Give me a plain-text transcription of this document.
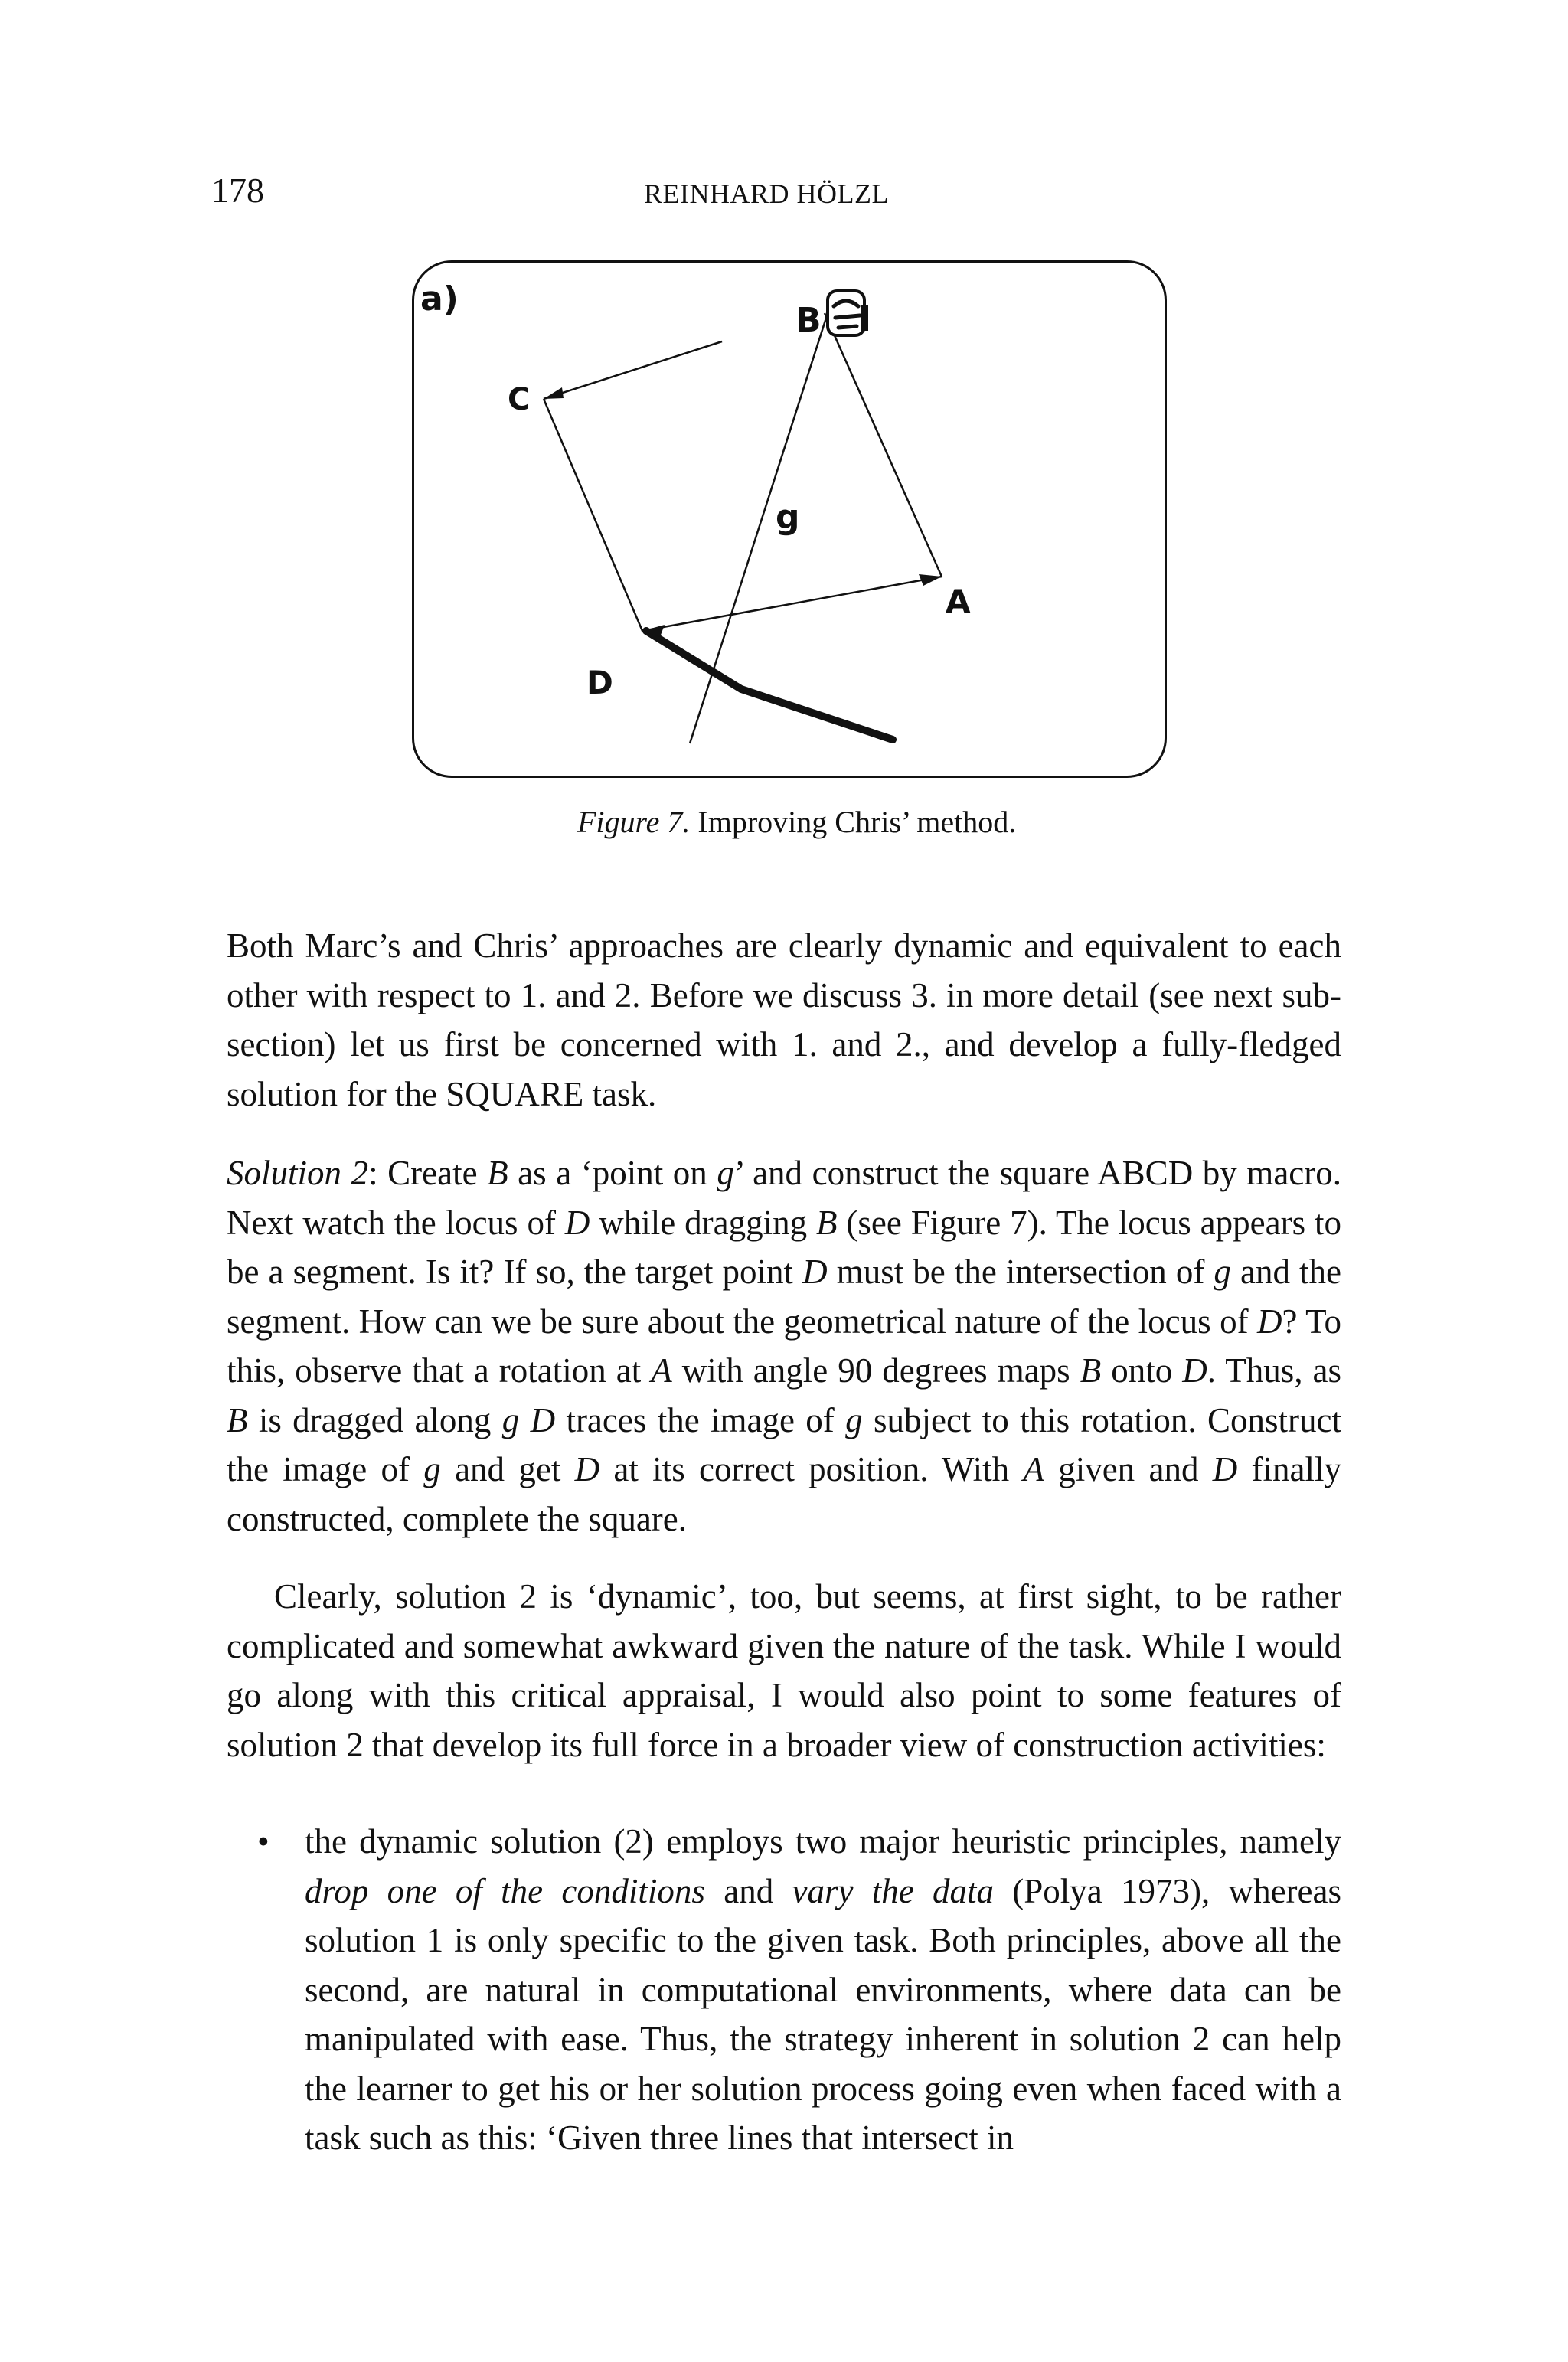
178	REINHARD HÖLZL
a)
B
C
g
A
D
Figure 7. Improving Chris’ method.

Both Marc’s and Chris’ approaches are clearly dynamic and equivalent to each other with respect to 1. and 2. Before we discuss 3. in more detail (see next sub-section) let us first be concerned with 1. and 2., and develop a fully-fledged solution for the SQUARE task.

Solution 2: Create B as a ‘point on g’ and construct the square ABCD by macro. Next watch the locus of D while dragging B (see Figure 7). The locus appears to be a segment. Is it? If so, the target point D must be the intersection of g and the segment. How can we be sure about the geometrical nature of the locus of D? To this, observe that a rotation at A with angle 90 degrees maps B onto D. Thus, as B is dragged along g D traces the image of g subject to this rotation. Construct the image of g and get D at its correct position. With A given and D finally constructed, complete the square.

Clearly, solution 2 is ‘dynamic’, too, but seems, at first sight, to be rather complicated and somewhat awkward given the nature of the task. While I would go along with this critical appraisal, I would also point to some features of solution 2 that develop its full force in a broader view of construction activities:

• the dynamic solution (2) employs two major heuristic principles, namely drop one of the conditions and vary the data (Polya 1973), whereas solution 1 is only specific to the given task. Both principles, above all the second, are natural in computational environments, where data can be manipulated with ease. Thus, the strategy inherent in solution 2 can help the learner to get his or her solution process going even when faced with a task such as this: ‘Given three lines that intersect in
